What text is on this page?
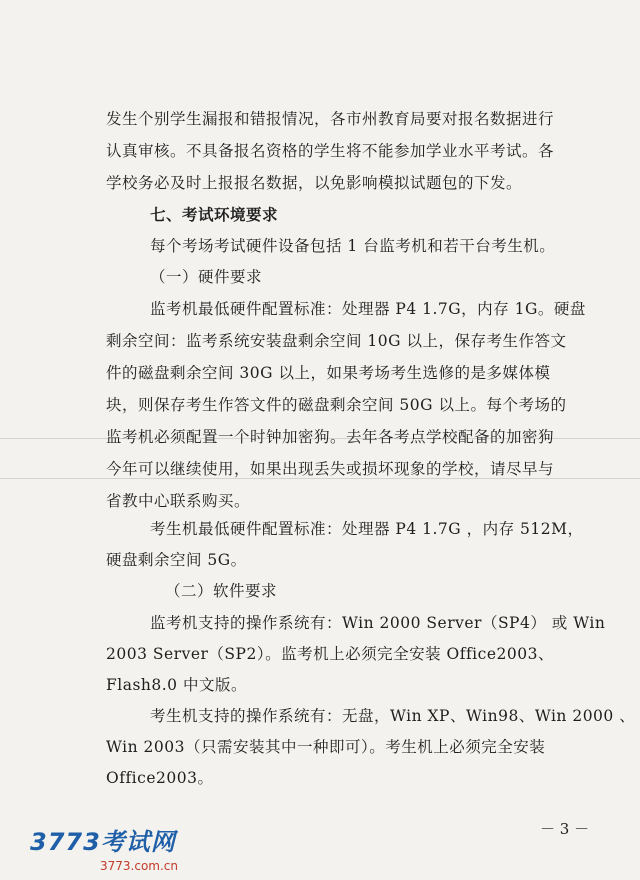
发生个别学生漏报和错报情况，各市州教育局要对报名数据进行
认真审核。不具备报名资格的学生将不能参加学业水平考试。各
学校务必及时上报报名数据，以免影响模拟试题包的下发。
七、考试环境要求
每个考场考试硬件设备包括 1 台监考机和若干台考生机。
（一）硬件要求
监考机最低硬件配置标准：处理器 P4 1.7G，内存 1G。硬盘
剩余空间：监考系统安装盘剩余空间 10G 以上，保存考生作答文
件的磁盘剩余空间 30G 以上，如果考场考生选修的是多媒体模
块，则保存考生作答文件的磁盘剩余空间 50G 以上。每个考场的
监考机必须配置一个时钟加密狗。去年各考点学校配备的加密狗
今年可以继续使用，如果出现丢失或损坏现象的学校，请尽早与
省教中心联系购买。
考生机最低硬件配置标准：处理器 P4 1.7G ，内存 512M，
硬盘剩余空间 5G。
（二）软件要求
监考机支持的操作系统有：Win 2000 Server（SP4） 或 Win
2003 Server（SP2）。监考机上必须完全安装 Office2003、
Flash8.0 中文版。
考生机支持的操作系统有：无盘，Win XP、Win98、Win 2000 、
Win 2003（只需安装其中一种即可）。考生机上必须完全安装
Office2003。
－ 3 －
3773考试网
3773.com.cn
